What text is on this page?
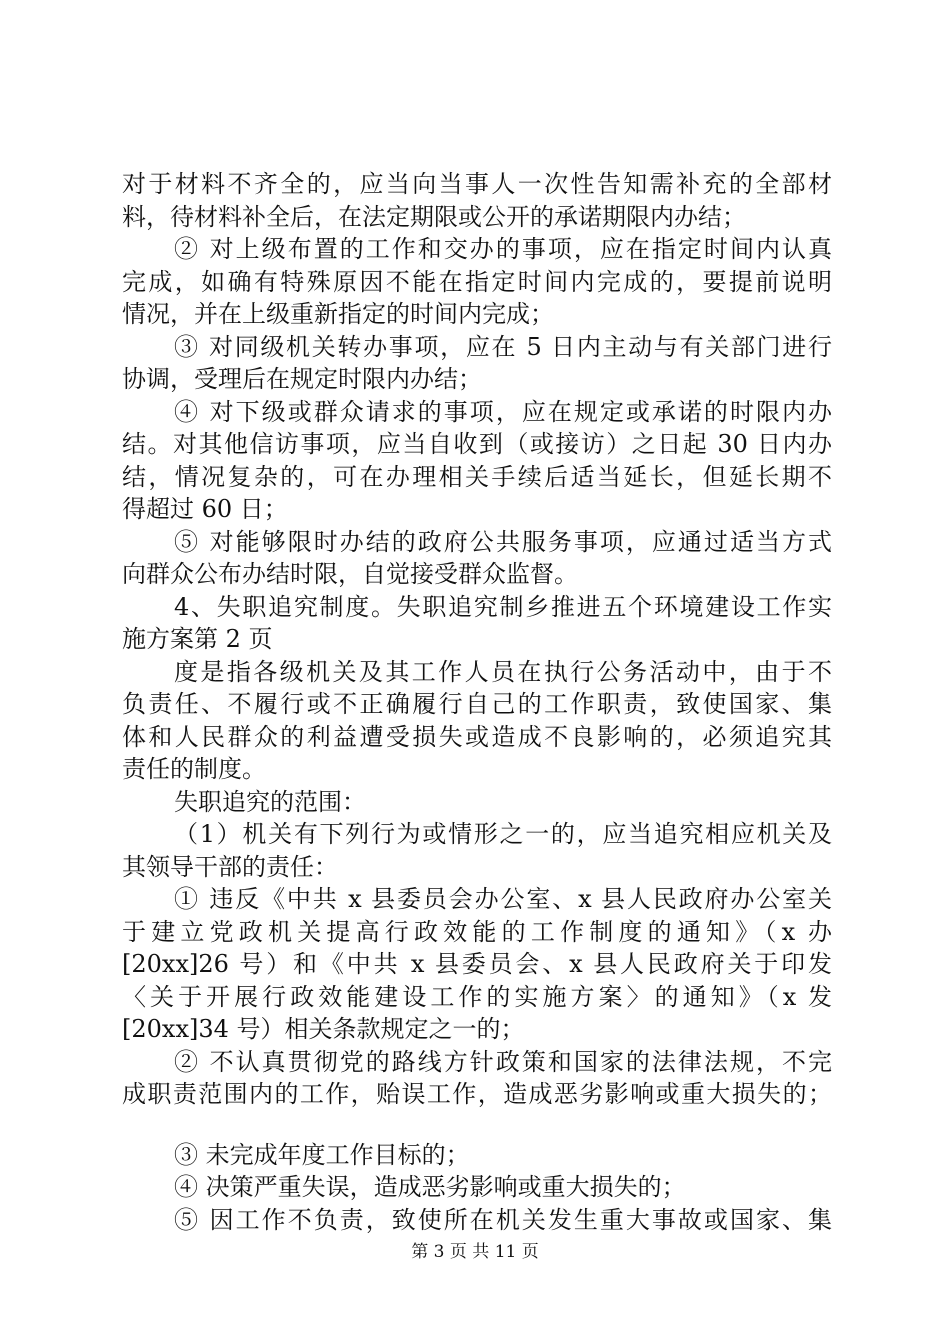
对于材料不齐全的，应当向当事人一次性告知需补充的全部材
料，待材料补全后，在法定期限或公开的承诺期限内办结；
② 对上级布置的工作和交办的事项，应在指定时间内认真
完成，如确有特殊原因不能在指定时间内完成的，要提前说明
情况，并在上级重新指定的时间内完成；
③ 对同级机关转办事项，应在 5 日内主动与有关部门进行
协调，受理后在规定时限内办结；
④ 对下级或群众请求的事项，应在规定或承诺的时限内办
结。对其他信访事项，应当自收到（或接访）之日起 30 日内办
结，情况复杂的，可在办理相关手续后适当延长，但延长期不
得超过 60 日；
⑤ 对能够限时办结的政府公共服务事项，应通过适当方式
向群众公布办结时限，自觉接受群众监督。
4、失职追究制度。失职追究制乡推进五个环境建设工作实
施方案第 2 页
度是指各级机关及其工作人员在执行公务活动中，由于不
负责任、不履行或不正确履行自己的工作职责，致使国家、集
体和人民群众的利益遭受损失或造成不良影响的，必须追究其
责任的制度。
失职追究的范围：
（1）机关有下列行为或情形之一的，应当追究相应机关及
其领导干部的责任：
① 违反《中共 x 县委员会办公室、x 县人民政府办公室关
于建立党政机关提高行政效能的工作制度的通知》（x 办
[20xx]26 号）和《中共 x 县委员会、x 县人民政府关于印发
〈关于开展行政效能建设工作的实施方案〉的通知》（x 发
[20xx]34 号）相关条款规定之一的；
② 不认真贯彻党的路线方针政策和国家的法律法规，不完
成职责范围内的工作，贻误工作，造成恶劣影响或重大损失的；
③ 未完成年度工作目标的；
④ 决策严重失误，造成恶劣影响或重大损失的；
⑤ 因工作不负责，致使所在机关发生重大事故或国家、集
第 3 页 共 11 页
